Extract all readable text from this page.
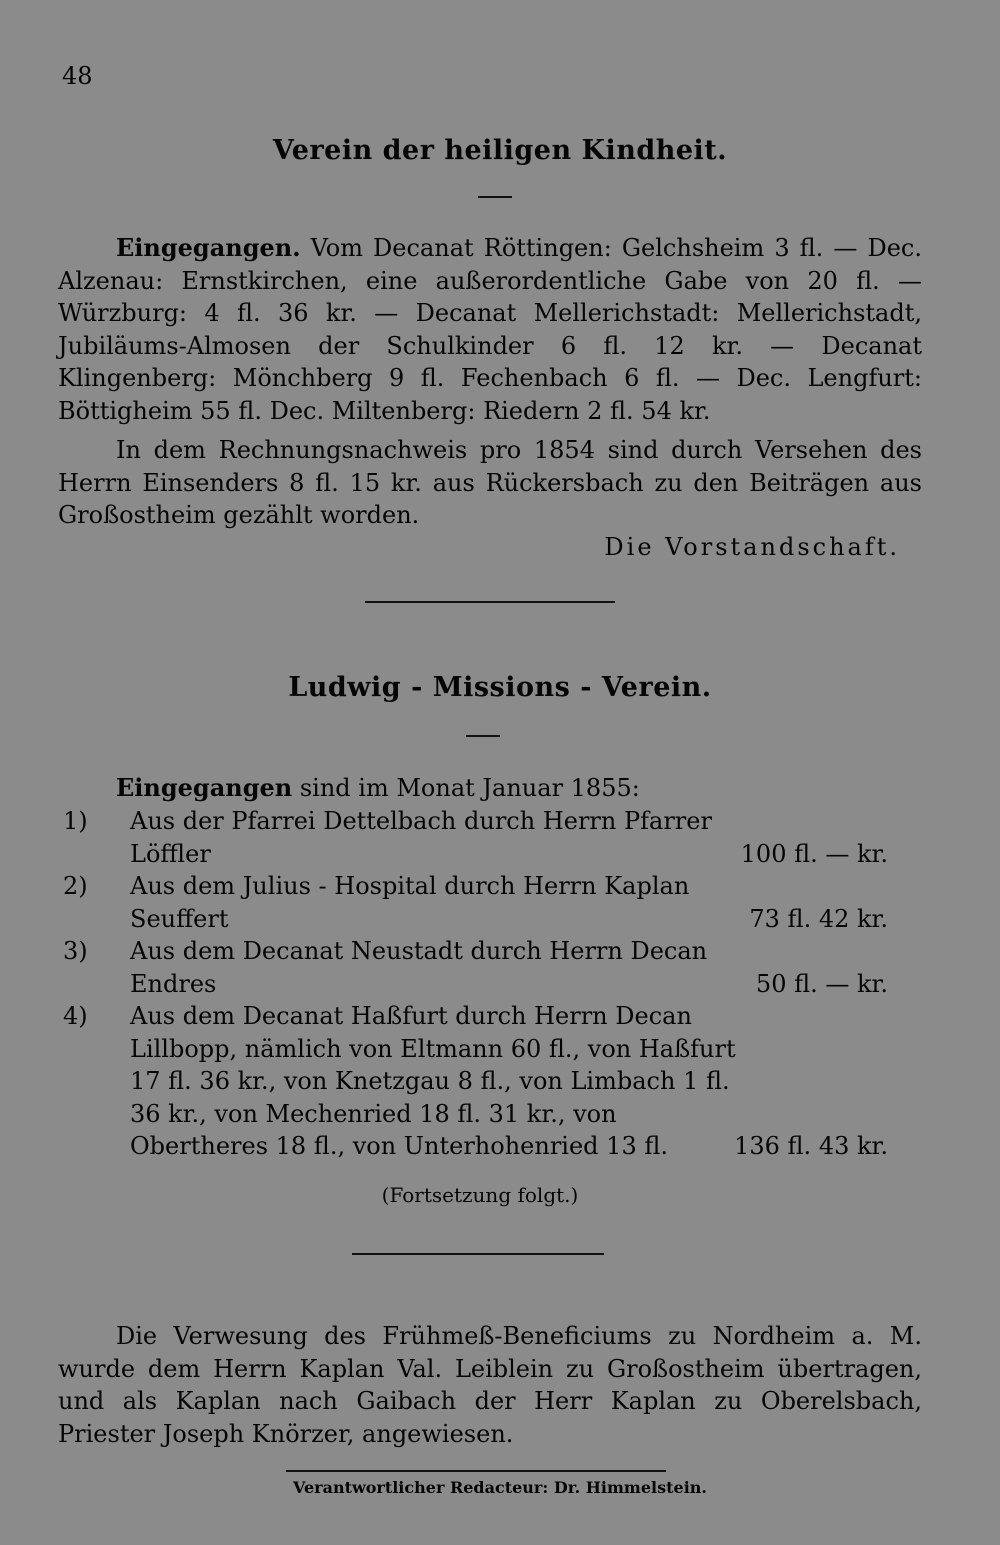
48
Verein der heiligen Kindheit.
Eingegangen. Vom Decanat Röttingen: Gelchsheim 3 fl. — Dec. Alzenau: Ernstkirchen, eine außerordentliche Gabe von 20 fl. — Würzburg: 4 fl. 36 kr. — Decanat Mellerichstadt: Mellerichstadt, Jubiläums-Almosen der Schulkinder 6 fl. 12 kr. — Decanat Klingenberg: Mönchberg 9 fl. Fechenbach 6 fl. — Dec. Lengfurt: Böttigheim 55 fl. Dec. Miltenberg: Riedern 2 fl. 54 kr.
In dem Rechnungsnachweis pro 1854 sind durch Versehen des Herrn Einsenders 8 fl. 15 kr. aus Rückersbach zu den Beiträgen aus Großostheim gezählt worden.
Die Vorstandschaft.
Ludwig - Missions - Verein.
Eingegangen sind im Monat Januar 1855:
1) Aus der Pfarrei Dettelbach durch Herrn Pfarrer Löffler	100 fl. — kr.
2) Aus dem Julius - Hospital durch Herrn Kaplan Seuffert	73 fl. 42 kr.
3) Aus dem Decanat Neustadt durch Herrn Decan Endres	50 fl. — kr.
4) Aus dem Decanat Haßfurt durch Herrn Decan Lillbopp, nämlich von Eltmann 60 fl., von Haßfurt 17 fl. 36 kr., von Knetzgau 8 fl., von Limbach 1 fl. 36 kr., von Mechenried 18 fl. 31 kr., von Obertheres 18 fl., von Unterhohenried 13 fl.	136 fl. 43 kr.
(Fortsetzung folgt.)
Die Verwesung des Frühmeß-Beneficiums zu Nordheim a. M. wurde dem Herrn Kaplan Val. Leiblein zu Großostheim übertragen, und als Kaplan nach Gaibach der Herr Kaplan zu Oberelsbach, Priester Joseph Knörzer, angewiesen.
Verantwortlicher Redacteur: Dr. Himmelstein.
